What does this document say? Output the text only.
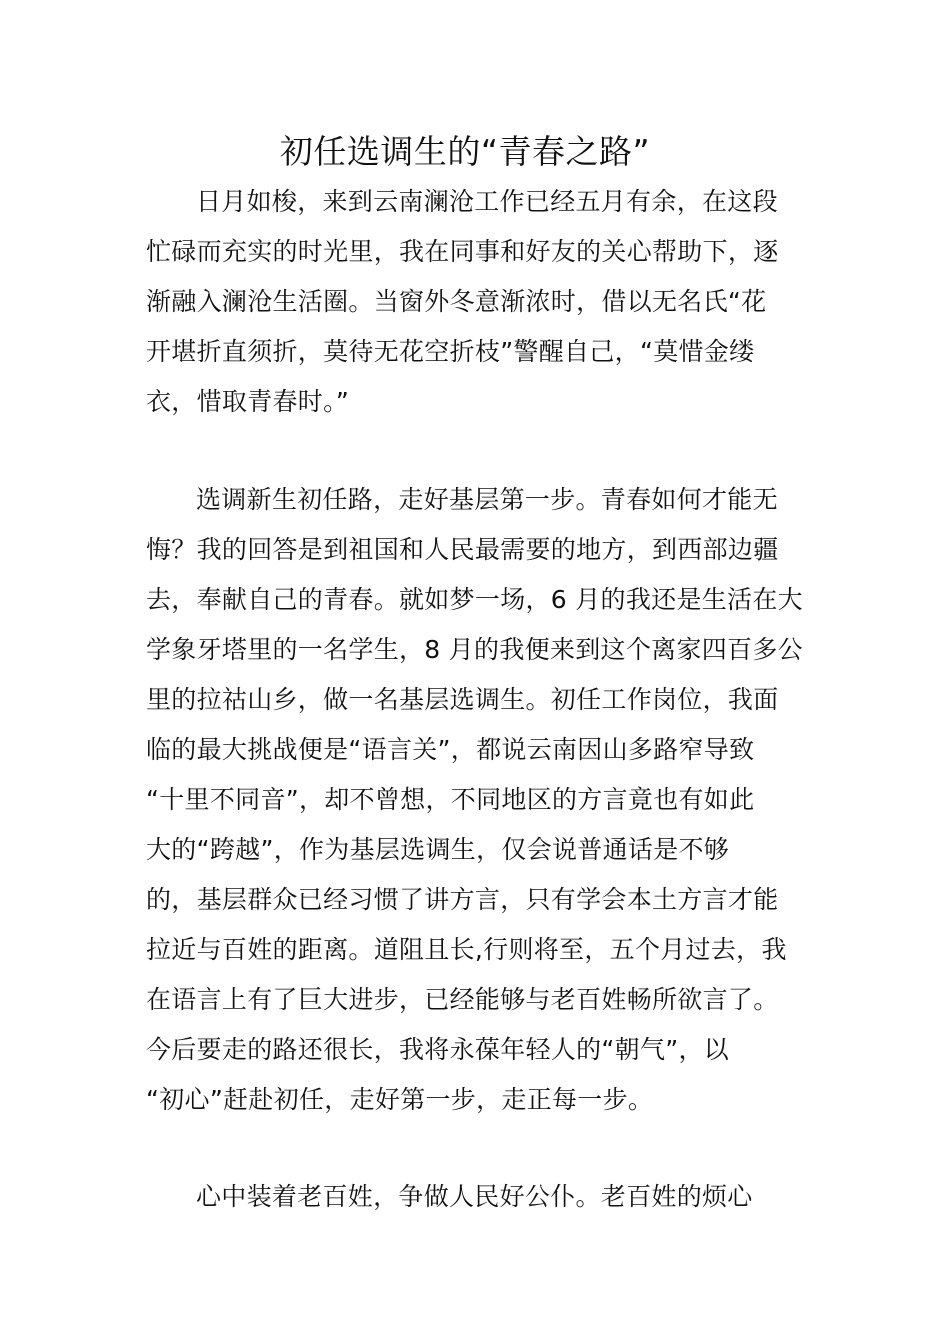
初任选调生的“青春之路”
日月如梭，来到云南澜沧工作已经五月有余，在这段
忙碌而充实的时光里，我在同事和好友的关心帮助下，逐
渐融入澜沧生活圈。当窗外冬意渐浓时，借以无名氏“花
开堪折直须折，莫待无花空折枝”警醒自己，“莫惜金缕
衣，惜取青春时。”
选调新生初任路，走好基层第一步。青春如何才能无
悔？我的回答是到祖国和人民最需要的地方，到西部边疆
去，奉献自己的青春。就如梦一场，6 月的我还是生活在大
学象牙塔里的一名学生，8 月的我便来到这个离家四百多公
里的拉祜山乡，做一名基层选调生。初任工作岗位，我面
临的最大挑战便是“语言关”，都说云南因山多路窄导致
“十里不同音”，却不曾想，不同地区的方言竟也有如此
大的“跨越”，作为基层选调生，仅会说普通话是不够
的，基层群众已经习惯了讲方言，只有学会本土方言才能
拉近与百姓的距离。道阻且长,行则将至，五个月过去，我
在语言上有了巨大进步，已经能够与老百姓畅所欲言了。
今后要走的路还很长，我将永葆年轻人的“朝气”，以
“初心”赶赴初任，走好第一步，走正每一步。
心中装着老百姓，争做人民好公仆。老百姓的烦心
